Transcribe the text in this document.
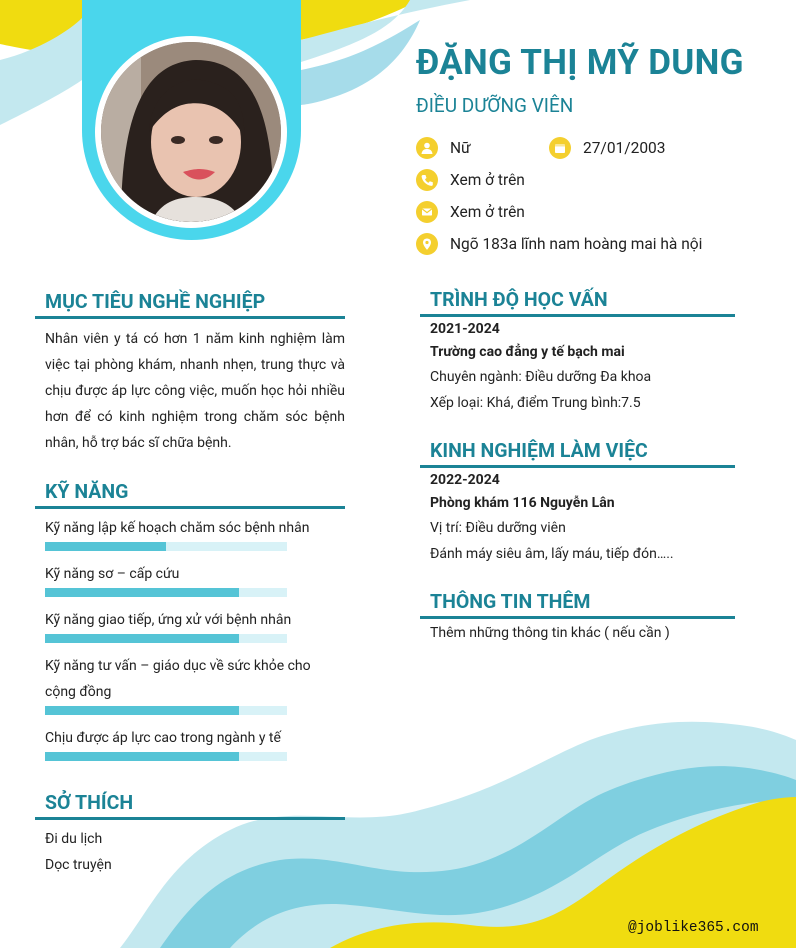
ĐẶNG THỊ MỸ DUNG
ĐIỀU DƯỠNG VIÊN
Nữ	27/01/2003
Xem ở trên
Xem ở trên
Ngõ 183a lĩnh nam hoàng mai hà nội
MỤC TIÊU NGHỀ NGHIỆP
Nhân viên y tá có hơn 1 năm kinh nghiệm làm việc tại phòng khám, nhanh nhẹn, trung thực và chịu được áp lực công việc, muốn học hỏi nhiều hơn để có kinh nghiệm trong chăm sóc bệnh nhân, hỗ trợ bác sĩ chữa bệnh.
KỸ NĂNG
Kỹ năng lập kế hoạch chăm sóc bệnh nhân
Kỹ năng sơ – cấp cứu
Kỹ năng giao tiếp, ứng xử với bệnh nhân
Kỹ năng tư vấn – giáo dục về sức khỏe cho cộng đồng
Chịu được áp lực cao trong ngành y tế
SỞ THÍCH
Đi du lịch
Dọc truyện
TRÌNH ĐỘ HỌC VẤN
2021-2024
Trường cao đẳng y tế bạch mai
Chuyên ngành: Điều dưỡng Đa khoa
Xếp loại: Khá, điểm Trung bình:7.5
KINH NGHIỆM LÀM VIỆC
2022-2024
Phòng khám 116 Nguyễn Lân
Vị trí: Điều dưỡng viên
Đánh máy siêu âm, lấy máu, tiếp đón…..
THÔNG TIN THÊM
Thêm những thông tin khác ( nếu cần )
@joblike365.com
